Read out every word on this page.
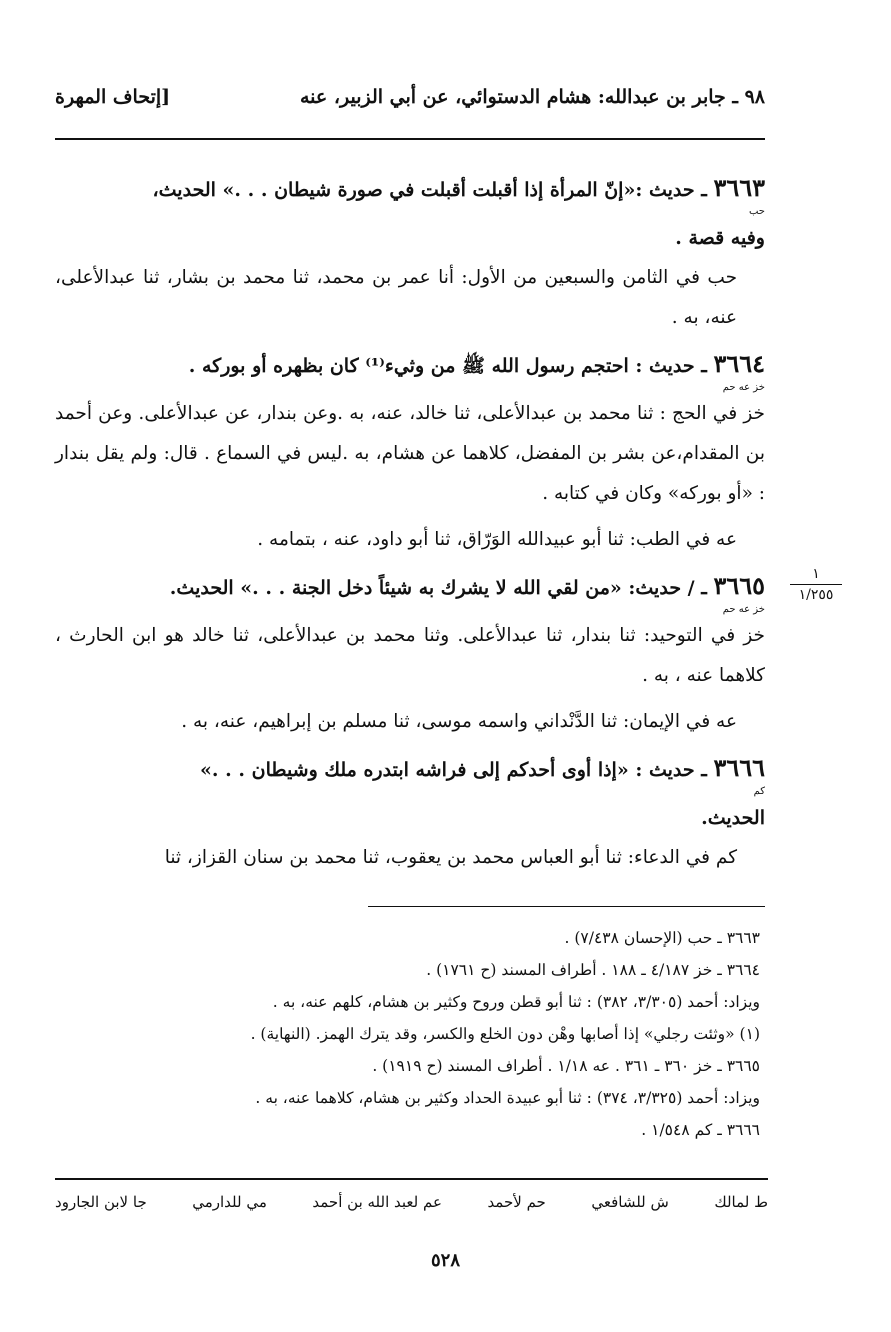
٩٨ ـ جابر بن عبدالله: هشام الدستوائي، عن أبي الزبير، عنه
[إتحاف المهرة

٣٦٦٣ ـ حديث :«إنّ المرأة إذا أقبلت أقبلت في صورة شيطان . . .» الحديث،

حب

وفيه قصة .

حب في الثامن والسبعين من الأول: أنا عمر بن محمد، ثنا محمد بن بشار، ثنا عبدالأعلى، عنه، به .

٣٦٦٤ ـ حديث : احتجم رسول الله ﷺ من وثيء⁽¹⁾ كان بظهره أو بوركه .

خز عه حم

خز في الحج : ثنا محمد بن عبدالأعلى، ثنا خالد، عنه، به .وعن بندار، عن عبدالأعلى. وعن أحمد بن المقدام،عن بشر بن المفضل، كلاهما عن هشام، به .ليس في السماع . قال: ولم يقل بندار : «أو بوركه» وكان في كتابه .

عه في الطب: ثنا أبو عبيدالله الوَرّاق، ثنا أبو داود، عنه ، بتمامه .

٣٦٦٥ ـ / حديث: «من لقي الله لا يشرك به شيئاً دخل الجنة . . .» الحديث.

خز عه حم

خز في التوحيد: ثنا بندار، ثنا عبدالأعلى. وثنا محمد بن عبدالأعلى، ثنا خالد هو ابن الحارث ، كلاهما عنه ، به .

عه في الإيمان: ثنا الدَّنْداني واسمه موسى، ثنا مسلم بن إبراهيم، عنه، به .

٣٦٦٦ ـ حديث : «إذا أوى أحدكم إلى فراشه ابتدره ملك وشيطان . . .»

كم

الحديث.

كم في الدعاء: ثنا أبو العباس محمد بن يعقوب، ثنا محمد بن سنان القزاز، ثنا

١
١/٢٥٥

٣٦٦٣ ـ حب (الإحسان ٧/٤٣٨) .

٣٦٦٤ ـ خز ٤/١٨٧ ـ ١٨٨ . أطراف المسند (ح ١٧٦١) .

ويزاد: أحمد (٣/٣٠٥، ٣٨٢) : ثنا أبو قطن وروح وكثير بن هشام، كلهم عنه، به .

(١) «وثئت رجلي» إذا أصابها وهْن دون الخلع والكسر، وقد يترك الهمز. (النهاية) .

٣٦٦٥ ـ خز ٣٦٠ ـ ٣٦١ . عه ١/١٨ . أطراف المسند (ح ١٩١٩) .

ويزاد: أحمد (٣/٣٢٥، ٣٧٤) : ثنا أبو عبيدة الحداد وكثير بن هشام، كلاهما عنه، به .

٣٦٦٦ ـ كم ١/٥٤٨ .

ط لمالك
ش للشافعي
حم لأحمد
عم لعبد الله بن أحمد
مي للدارمي
جا لابن الجارود
٥٢٨
